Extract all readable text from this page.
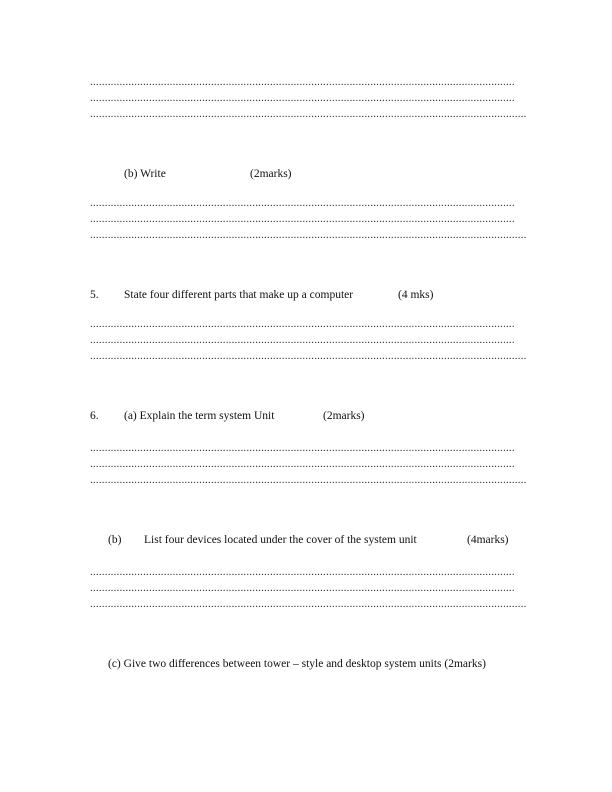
................................................................................................................................................
................................................................................................................................................
....................................................................................................................................................
(b) Write	(2marks)
................................................................................................................................................
................................................................................................................................................
....................................................................................................................................................
5. State four different parts that make up a computer	(4 mks)
................................................................................................................................................
................................................................................................................................................
....................................................................................................................................................
6. (a) Explain the term system Unit	(2marks)
................................................................................................................................................
................................................................................................................................................
....................................................................................................................................................
(b) List four devices located under the cover of the system unit	(4marks)
................................................................................................................................................
................................................................................................................................................
....................................................................................................................................................
(c) Give two differences between tower – style and desktop system units (2marks)
